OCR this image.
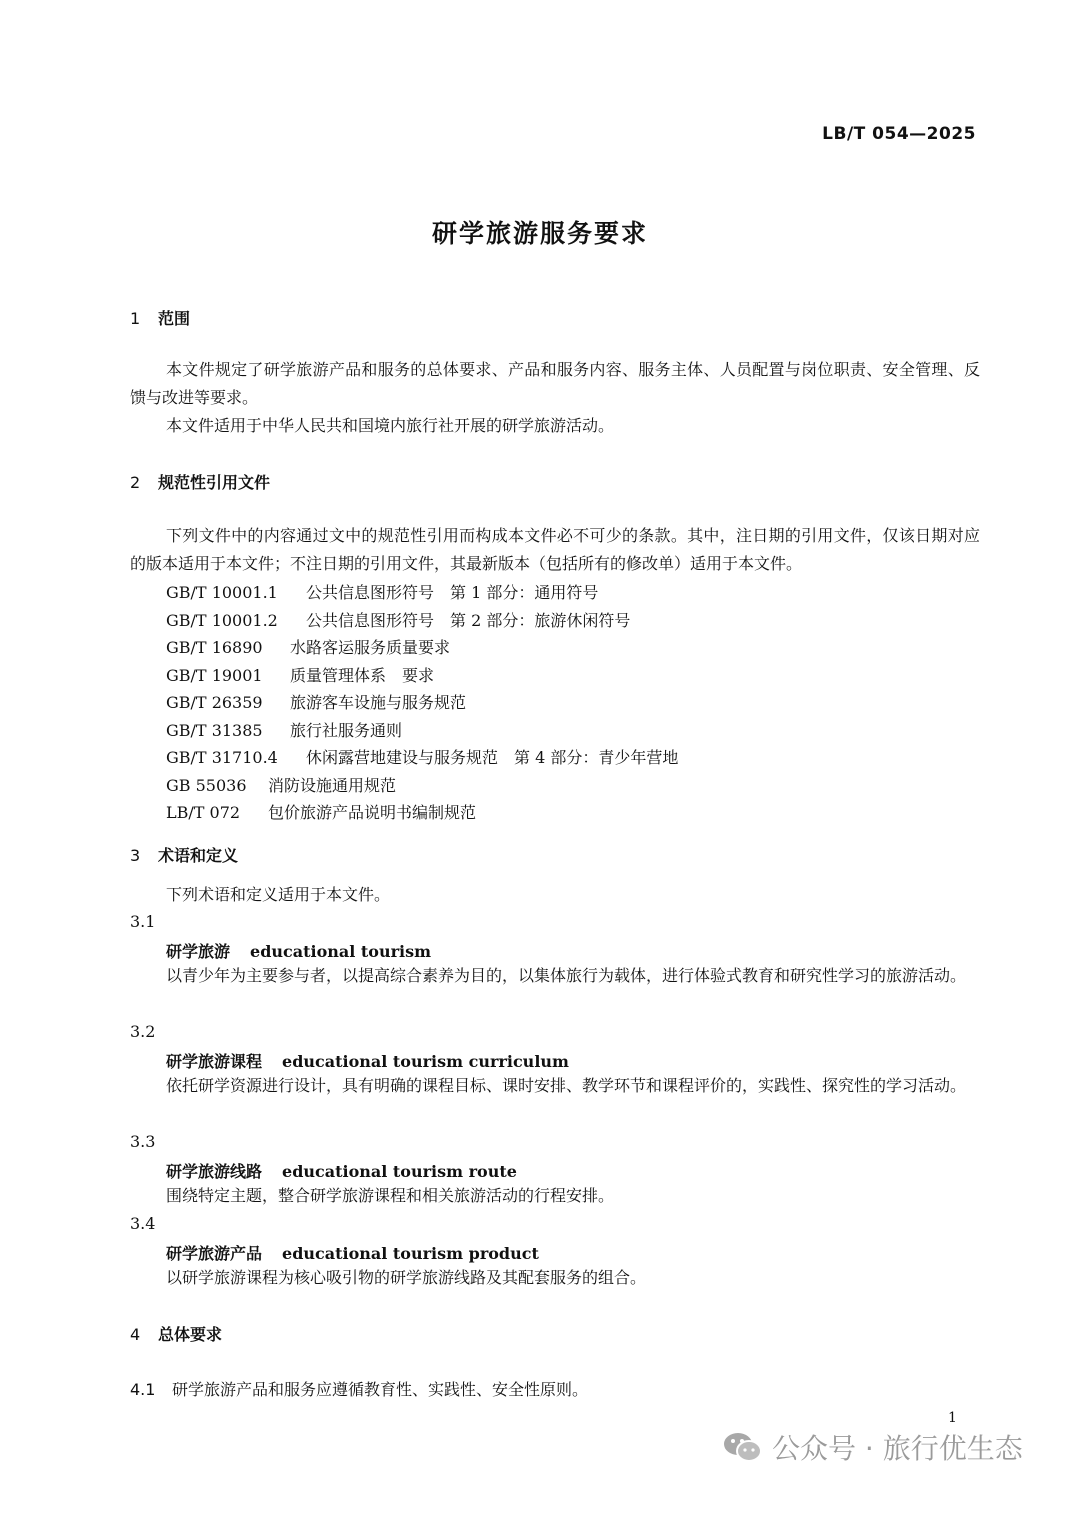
LB/T 054—2025
研学旅游服务要求
1 范围
本文件规定了研学旅游产品和服务的总体要求、产品和服务内容、服务主体、人员配置与岗位职责、安全管理、反馈与改进等要求。
本文件适用于中华人民共和国境内旅行社开展的研学旅游活动。
2 规范性引用文件
下列文件中的内容通过文中的规范性引用而构成本文件必不可少的条款。其中，注日期的引用文件，仅该日期对应的版本适用于本文件；不注日期的引用文件，其最新版本（包括所有的修改单）适用于本文件。
GB/T 10001.1 公共信息图形符号　第 1 部分：通用符号
GB/T 10001.2 公共信息图形符号　第 2 部分：旅游休闲符号
GB/T 16890 水路客运服务质量要求
GB/T 19001 质量管理体系　要求
GB/T 26359 旅游客车设施与服务规范
GB/T 31385 旅行社服务通则
GB/T 31710.4 休闲露营地建设与服务规范　第 4 部分：青少年营地
GB 55036 消防设施通用规范
LB/T 072 包价旅游产品说明书编制规范
3 术语和定义
下列术语和定义适用于本文件。
3.1
研学旅游 educational tourism
以青少年为主要参与者，以提高综合素养为目的，以集体旅行为载体，进行体验式教育和研究性学习的旅游活动。
3.2
研学旅游课程 educational tourism curriculum
依托研学资源进行设计，具有明确的课程目标、课时安排、教学环节和课程评价的，实践性、探究性的学习活动。
3.3
研学旅游线路 educational tourism route
围绕特定主题，整合研学旅游课程和相关旅游活动的行程安排。
3.4
研学旅游产品 educational tourism product
以研学旅游课程为核心吸引物的研学旅游线路及其配套服务的组合。
4 总体要求
4.1 研学旅游产品和服务应遵循教育性、实践性、安全性原则。
1
公众号 · 旅行优生态
